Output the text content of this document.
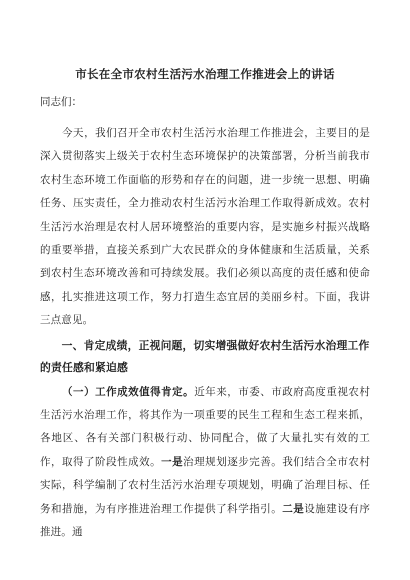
市长在全市农村生活污水治理工作推进会上的讲话

同志们：

今天，我们召开全市农村生活污水治理工作推进会，主要目的是深入贯彻落实上级关于农村生态环境保护的决策部署，分析当前我市农村生态环境工作面临的形势和存在的问题，进一步统一思想、明确任务、压实责任，全力推动农村生活污水治理工作取得新成效。农村生活污水治理是农村人居环境整治的重要内容，是实施乡村振兴战略的重要举措，直接关系到广大农民群众的身体健康和生活质量，关系到农村生态环境改善和可持续发展。我们必须以高度的责任感和使命感，扎实推进这项工作，努力打造生态宜居的美丽乡村。下面，我讲三点意见。

一、肯定成绩，正视问题，切实增强做好农村生活污水治理工作的责任感和紧迫感

（一）工作成效值得肯定。近年来，市委、市政府高度重视农村生活污水治理工作，将其作为一项重要的民生工程和生态工程来抓，各地区、各有关部门积极行动、协同配合，做了大量扎实有效的工作，取得了阶段性成效。一是治理规划逐步完善。我们结合全市农村实际，科学编制了农村生活污水治理专项规划，明确了治理目标、任务和措施，为有序推进治理工作提供了科学指引。二是设施建设有序推进。通
